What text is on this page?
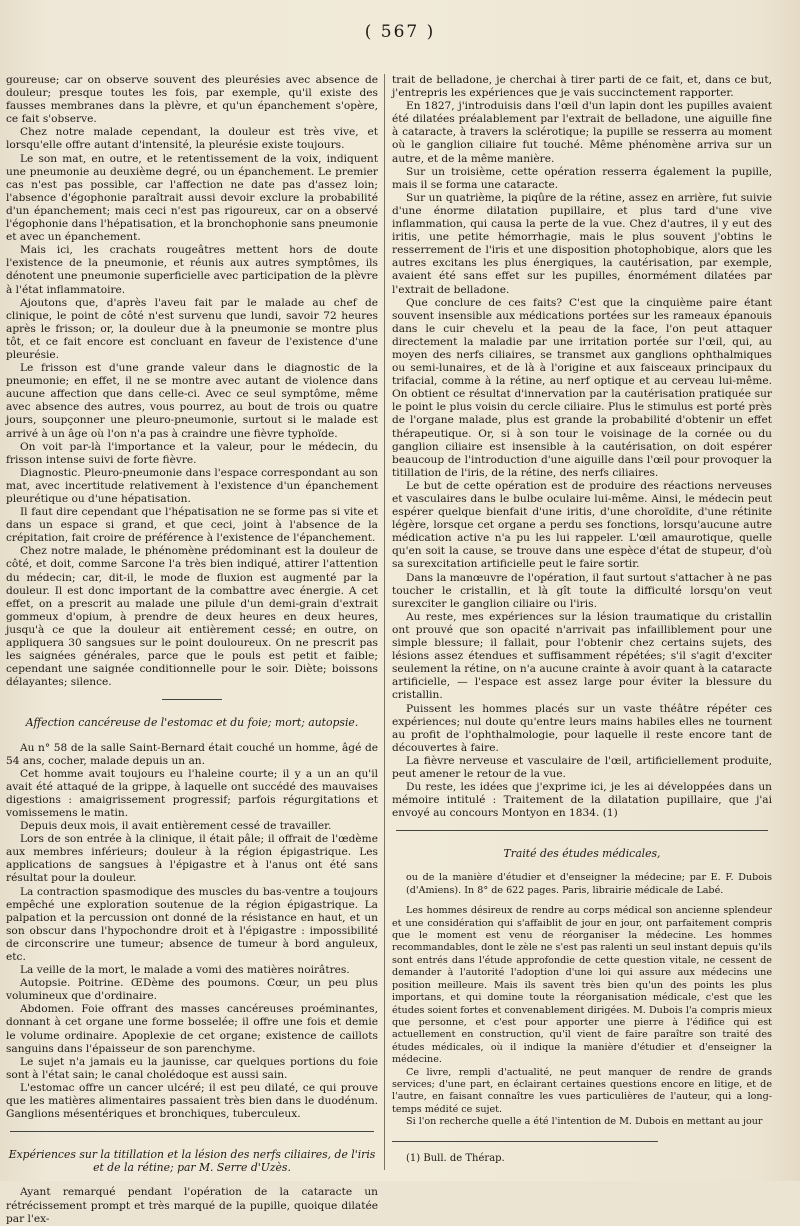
( 567 )

goureuse; car on observe souvent des pleurésies avec absence de douleur; presque toutes les fois, par exemple, qu'il existe des fausses membranes dans la plèvre, et qu'un épanchement s'opère, ce fait s'observe.

Chez notre malade cependant, la douleur est très vive, et lorsqu'elle offre autant d'intensité, la pleurésie existe toujours.

Le son mat, en outre, et le retentissement de la voix, indiquent une pneumonie au deuxième degré, ou un épanchement. Le premier cas n'est pas possible, car l'affection ne date pas d'assez loin; l'absence d'égophonie paraîtrait aussi devoir exclure la probabilité d'un épanchement; mais ceci n'est pas rigoureux, car on a observé l'égophonie dans l'hépatisation, et la bronchophonie sans pneumonie et avec un épanchement.

Mais ici, les crachats rougeâtres mettent hors de doute l'existence de la pneumonie, et réunis aux autres symptômes, ils dénotent une pneumonie superficielle avec participation de la plèvre à l'état inflammatoire.

Ajoutons que, d'après l'aveu fait par le malade au chef de clinique, le point de côté n'est survenu que lundi, savoir 72 heures après le frisson; or, la douleur due à la pneumonie se montre plus tôt, et ce fait encore est concluant en faveur de l'existence d'une pleurésie.

Le frisson est d'une grande valeur dans le diagnostic de la pneumonie; en effet, il ne se montre avec autant de violence dans aucune affection que dans celle-ci. Avec ce seul symptôme, même avec absence des autres, vous pourrez, au bout de trois ou quatre jours, soupçonner une pleuro-pneumonie, surtout si le malade est arrivé à un âge où l'on n'a pas à craindre une fièvre typhoïde.

On voit par-là l'importance et la valeur, pour le médecin, du frisson intense suivi de forte fièvre.

Diagnostic. Pleuro-pneumonie dans l'espace correspondant au son mat, avec incertitude relativement à l'existence d'un épanchement pleurétique ou d'une hépatisation.

Il faut dire cependant que l'hépatisation ne se forme pas si vite et dans un espace si grand, et que ceci, joint à l'absence de la crépitation, fait croire de préférence à l'existence de l'épanchement.

Chez notre malade, le phénomène prédominant est la douleur de côté, et doit, comme Sarcone l'a très bien indiqué, attirer l'attention du médecin; car, dit-il, le mode de fluxion est augmenté par la douleur. Il est donc important de la combattre avec énergie. A cet effet, on a prescrit au malade une pilule d'un demi-grain d'extrait gommeux d'opium, à prendre de deux heures en deux heures, jusqu'à ce que la douleur ait entièrement cessé; en outre, on appliquera 30 sangsues sur le point douloureux. On ne prescrit pas les saignées générales, parce que le pouls est petit et faible; cependant une saignée conditionnelle pour le soir. Diète; boissons délayantes; silence.

Affection cancéreuse de l'estomac et du foie; mort; autopsie.

Au n° 58 de la salle Saint-Bernard était couché un homme, âgé de 54 ans, cocher, malade depuis un an.

Cet homme avait toujours eu l'haleine courte; il y a un an qu'il avait été attaqué de la grippe, à laquelle ont succédé des mauvaises digestions : amaigrissement progressif; parfois régurgitations et vomissemens le matin.

Depuis deux mois, il avait entièrement cessé de travailler.

Lors de son entrée à la clinique, il était pâle; il offrait de l'œdème aux membres inférieurs; douleur à la région épigastrique. Les applications de sangsues à l'épigastre et à l'anus ont été sans résultat pour la douleur.

La contraction spasmodique des muscles du bas-ventre a toujours empêché une exploration soutenue de la région épigastrique. La palpation et la percussion ont donné de la résistance en haut, et un son obscur dans l'hypochondre droit et à l'épigastre : impossibilité de circonscrire une tumeur; absence de tumeur à bord anguleux, etc.

La veille de la mort, le malade a vomi des matières noirâtres.

Autopsie. Poitrine. ŒDème des poumons. Cœur, un peu plus volumineux que d'ordinaire.

Abdomen. Foie offrant des masses cancéreuses proéminantes, donnant à cet organe une forme bosselée; il offre une fois et demie le volume ordinaire. Apoplexie de cet organe; existence de caillots sanguins dans l'épaisseur de son parenchyme.

Le sujet n'a jamais eu la jaunisse, car quelques portions du foie sont à l'état sain; le canal cholédoque est aussi sain.

L'estomac offre un cancer ulcéré; il est peu dilaté, ce qui prouve que les matières alimentaires passaient très bien dans le duodénum. Ganglions mésentériques et bronchiques, tuberculeux.

Expériences sur la titillation et la lésion des nerfs ciliaires, de l'iris et de la rétine; par M. Serre d'Uzès.

Ayant remarqué pendant l'opération de la cataracte un rétrécissement prompt et très marqué de la pupille, quoique dilatée par l'ex-

trait de belladone, je cherchai à tirer parti de ce fait, et, dans ce but, j'entrepris les expériences que je vais succinctement rapporter.

En 1827, j'introduisis dans l'œil d'un lapin dont les pupilles avaient été dilatées préalablement par l'extrait de belladone, une aiguille fine à cataracte, à travers la sclérotique; la pupille se resserra au moment où le ganglion ciliaire fut touché. Même phénomène arriva sur un autre, et de la même manière.

Sur un troisième, cette opération resserra également la pupille, mais il se forma une cataracte.

Sur un quatrième, la piqûre de la rétine, assez en arrière, fut suivie d'une énorme dilatation pupillaire, et plus tard d'une vive inflammation, qui causa la perte de la vue. Chez d'autres, il y eut des iritis, une petite hémorrhagie, mais le plus souvent j'obtins le resserrement de l'iris et une disposition photophobique, alors que les autres excitans les plus énergiques, la cautérisation, par exemple, avaient été sans effet sur les pupilles, énormément dilatées par l'extrait de belladone.

Que conclure de ces faits? C'est que la cinquième paire étant souvent insensible aux médications portées sur les rameaux épanouis dans le cuir chevelu et la peau de la face, l'on peut attaquer directement la maladie par une irritation portée sur l'œil, qui, au moyen des nerfs ciliaires, se transmet aux ganglions ophthalmiques ou semi-lunaires, et de là à l'origine et aux faisceaux principaux du trifacial, comme à la rétine, au nerf optique et au cerveau lui-même. On obtient ce résultat d'innervation par la cautérisation pratiquée sur le point le plus voisin du cercle ciliaire. Plus le stimulus est porté près de l'organe malade, plus est grande la probabilité d'obtenir un effet thérapeutique. Or, si à son tour le voisinage de la cornée ou du ganglion ciliaire est insensible à la cautérisation, on doit espérer beaucoup de l'introduction d'une aiguille dans l'œil pour provoquer la titillation de l'iris, de la rétine, des nerfs ciliaires.

Le but de cette opération est de produire des réactions nerveuses et vasculaires dans le bulbe oculaire lui-même. Ainsi, le médecin peut espérer quelque bienfait d'une iritis, d'une choroïdite, d'une rétinite légère, lorsque cet organe a perdu ses fonctions, lorsqu'aucune autre médication active n'a pu les lui rappeler. L'œil amaurotique, quelle qu'en soit la cause, se trouve dans une espèce d'état de stupeur, d'où sa surexcitation artificielle peut le faire sortir.

Dans la manœuvre de l'opération, il faut surtout s'attacher à ne pas toucher le cristallin, et là gît toute la difficulté lorsqu'on veut surexciter le ganglion ciliaire ou l'iris.

Au reste, mes expériences sur la lésion traumatique du cristallin ont prouvé que son opacité n'arrivait pas infailliblement pour une simple blessure; il fallait, pour l'obtenir chez certains sujets, des lésions assez étendues et suffisamment répétées; s'il s'agit d'exciter seulement la rétine, on n'a aucune crainte à avoir quant à la cataracte artificielle, — l'espace est assez large pour éviter la blessure du cristallin.

Puissent les hommes placés sur un vaste théâtre répéter ces expériences; nul doute qu'entre leurs mains habiles elles ne tournent au profit de l'ophthalmologie, pour laquelle il reste encore tant de découvertes à faire.

La fièvre nerveuse et vasculaire de l'œil, artificiellement produite, peut amener le retour de la vue.

Du reste, les idées que j'exprime ici, je les ai développées dans un mémoire intitulé : Traitement de la dilatation pupillaire, que j'ai envoyé au concours Montyon en 1834. (1)

Traité des études médicales,

ou de la manière d'étudier et d'enseigner la médecine; par E. F. Dubois (d'Amiens). In 8° de 622 pages. Paris, librairie médicale de Labé.

Les hommes désireux de rendre au corps médical son ancienne splendeur et une considération qui s'affaiblit de jour en jour, ont parfaitement compris que le moment est venu de réorganiser la médecine. Les hommes recommandables, dont le zèle ne s'est pas ralenti un seul instant depuis qu'ils sont entrés dans l'étude approfondie de cette question vitale, ne cessent de demander à l'autorité l'adoption d'une loi qui assure aux médecins une position meilleure. Mais ils savent très bien qu'un des points les plus importans, et qui domine toute la réorganisation médicale, c'est que les études soient fortes et convenablement dirigées. M. Dubois l'a compris mieux que personne, et c'est pour apporter une pierre à l'édifice qui est actuellement en construction, qu'il vient de faire paraître son traité des études médicales, où il indique la manière d'étudier et d'enseigner la médecine.

Ce livre, rempli d'actualité, ne peut manquer de rendre de grands services; d'une part, en éclairant certaines questions encore en litige, et de l'autre, en faisant connaître les vues particulières de l'auteur, qui a long-temps médité ce sujet.

Si l'on recherche quelle a été l'intention de M. Dubois en mettant au jour

(1) Bull. de Thérap.
